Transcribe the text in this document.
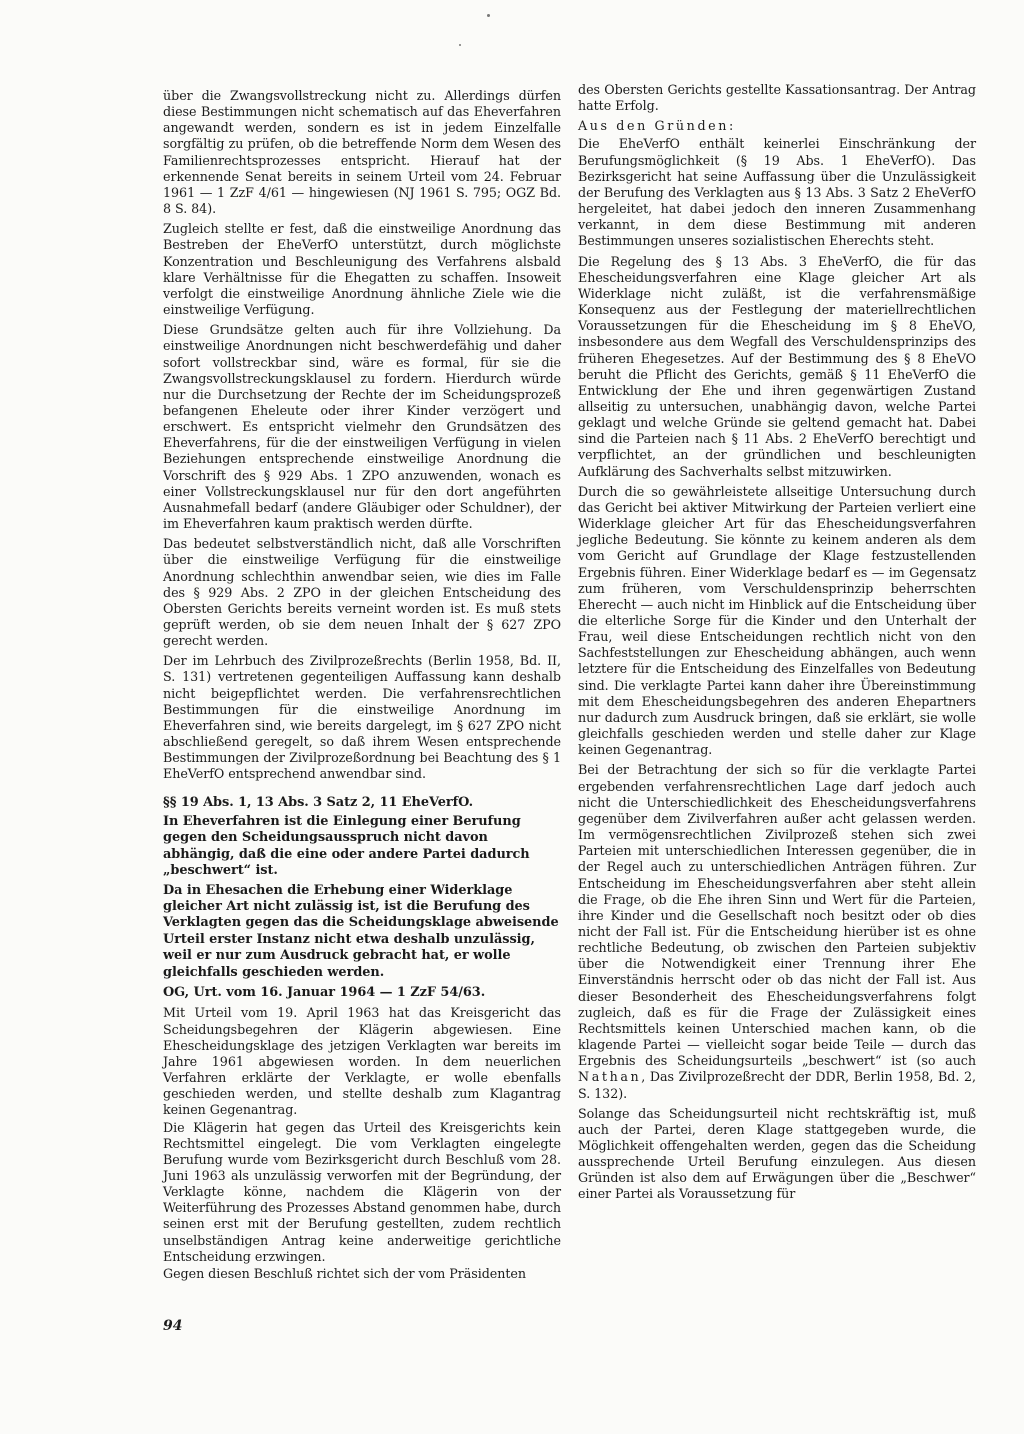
über die Zwangsvollstreckung nicht zu. Allerdings dürfen diese Bestimmungen nicht schematisch auf das Eheverfahren angewandt werden, sondern es ist in jedem Einzelfalle sorgfältig zu prüfen, ob die betreffende Norm dem Wesen des Familienrechtsprozesses entspricht. Hierauf hat der erkennende Senat bereits in seinem Urteil vom 24. Februar 1961 — 1 ZzF 4/61 — hingewiesen (NJ 1961 S. 795; OGZ Bd. 8 S. 84).

Zugleich stellte er fest, daß die einstweilige Anordnung das Bestreben der EheVerfO unterstützt, durch möglichste Konzentration und Beschleunigung des Verfahrens alsbald klare Verhältnisse für die Ehegatten zu schaffen. Insoweit verfolgt die einstweilige Anordnung ähnliche Ziele wie die einstweilige Verfügung.

Diese Grundsätze gelten auch für ihre Vollziehung. Da einstweilige Anordnungen nicht beschwerdefähig und daher sofort vollstreckbar sind, wäre es formal, für sie die Zwangsvollstreckungsklausel zu fordern. Hierdurch würde nur die Durchsetzung der Rechte der im Scheidungsprozeß befangenen Eheleute oder ihrer Kinder verzögert und erschwert. Es entspricht vielmehr den Grundsätzen des Eheverfahrens, für die der einstweiligen Verfügung in vielen Beziehungen entsprechende einstweilige Anordnung die Vorschrift des § 929 Abs. 1 ZPO anzuwenden, wonach es einer Vollstreckungsklausel nur für den dort angeführten Ausnahmefall bedarf (andere Gläubiger oder Schuldner), der im Eheverfahren kaum praktisch werden dürfte.

Das bedeutet selbstverständlich nicht, daß alle Vorschriften über die einstweilige Verfügung für die einstweilige Anordnung schlechthin anwendbar seien, wie dies im Falle des § 929 Abs. 2 ZPO in der gleichen Entscheidung des Obersten Gerichts bereits verneint worden ist. Es muß stets geprüft werden, ob sie dem neuen Inhalt der § 627 ZPO gerecht werden.

Der im Lehrbuch des Zivilprozeßrechts (Berlin 1958, Bd. II, S. 131) vertretenen gegenteiligen Auffassung kann deshalb nicht beigepflichtet werden. Die verfahrensrechtlichen Bestimmungen für die einstweilige Anordnung im Eheverfahren sind, wie bereits dargelegt, im § 627 ZPO nicht abschließend geregelt, so daß ihrem Wesen entsprechende Bestimmungen der Zivilprozeßordnung bei Beachtung des § 1 EheVerfO entsprechend anwendbar sind.

§§ 19 Abs. 1, 13 Abs. 3 Satz 2, 11 EheVerfO.

In Eheverfahren ist die Einlegung einer Berufung gegen den Scheidungsausspruch nicht davon abhängig, daß die eine oder andere Partei dadurch „beschwert“ ist.

Da in Ehesachen die Erhebung einer Widerklage gleicher Art nicht zulässig ist, ist die Berufung des Verklagten gegen das die Scheidungsklage abweisende Urteil erster Instanz nicht etwa deshalb unzulässig, weil er nur zum Ausdruck gebracht hat, er wolle gleichfalls geschieden werden.

OG, Urt. vom 16. Januar 1964 — 1 ZzF 54/63.

Mit Urteil vom 19. April 1963 hat das Kreisgericht das Scheidungsbegehren der Klägerin abgewiesen. Eine Ehescheidungsklage des jetzigen Verklagten war bereits im Jahre 1961 abgewiesen worden. In dem neuerlichen Verfahren erklärte der Verklagte, er wolle ebenfalls geschieden werden, und stellte deshalb zum Klagantrag keinen Gegenantrag.

Die Klägerin hat gegen das Urteil des Kreisgerichts kein Rechtsmittel eingelegt. Die vom Verklagten eingelegte Berufung wurde vom Bezirksgericht durch Beschluß vom 28. Juni 1963 als unzulässig verworfen mit der Begründung, der Verklagte könne, nachdem die Klägerin von der Weiterführung des Prozesses Abstand genommen habe, durch seinen erst mit der Berufung gestellten, zudem rechtlich unselbständigen Antrag keine anderweitige gerichtliche Entscheidung erzwingen.

Gegen diesen Beschluß richtet sich der vom Präsidenten

des Obersten Gerichts gestellte Kassationsantrag. Der Antrag hatte Erfolg.

Aus den Gründen:

Die EheVerfO enthält keinerlei Einschränkung der Berufungsmöglichkeit (§ 19 Abs. 1 EheVerfO). Das Bezirksgericht hat seine Auffassung über die Unzulässigkeit der Berufung des Verklagten aus § 13 Abs. 3 Satz 2 EheVerfO hergeleitet, hat dabei jedoch den inneren Zusammenhang verkannt, in dem diese Bestimmung mit anderen Bestimmungen unseres sozialistischen Eherechts steht.

Die Regelung des § 13 Abs. 3 EheVerfO, die für das Ehescheidungsverfahren eine Klage gleicher Art als Widerklage nicht zuläßt, ist die verfahrensmäßige Konsequenz aus der Festlegung der materiellrechtlichen Voraussetzungen für die Ehescheidung im § 8 EheVO, insbesondere aus dem Wegfall des Verschuldensprinzips des früheren Ehegesetzes. Auf der Bestimmung des § 8 EheVO beruht die Pflicht des Gerichts, gemäß § 11 EheVerfO die Entwicklung der Ehe und ihren gegenwärtigen Zustand allseitig zu untersuchen, unabhängig davon, welche Partei geklagt und welche Gründe sie geltend gemacht hat. Dabei sind die Parteien nach § 11 Abs. 2 EheVerfO berechtigt und verpflichtet, an der gründlichen und beschleunigten Aufklärung des Sachverhalts selbst mitzuwirken.

Durch die so gewährleistete allseitige Untersuchung durch das Gericht bei aktiver Mitwirkung der Parteien verliert eine Widerklage gleicher Art für das Ehescheidungsverfahren jegliche Bedeutung. Sie könnte zu keinem anderen als dem vom Gericht auf Grundlage der Klage festzustellenden Ergebnis führen. Einer Widerklage bedarf es — im Gegensatz zum früheren, vom Verschuldensprinzip beherrschten Eherecht — auch nicht im Hinblick auf die Entscheidung über die elterliche Sorge für die Kinder und den Unterhalt der Frau, weil diese Entscheidungen rechtlich nicht von den Sachfeststellungen zur Ehescheidung abhängen, auch wenn letztere für die Entscheidung des Einzelfalles von Bedeutung sind. Die verklagte Partei kann daher ihre Übereinstimmung mit dem Ehescheidungsbegehren des anderen Ehepartners nur dadurch zum Ausdruck bringen, daß sie erklärt, sie wolle gleichfalls geschieden werden und stelle daher zur Klage keinen Gegenantrag.

Bei der Betrachtung der sich so für die verklagte Partei ergebenden verfahrensrechtlichen Lage darf jedoch auch nicht die Unterschiedlichkeit des Ehescheidungsverfahrens gegenüber dem Zivilverfahren außer acht gelassen werden. Im vermögensrechtlichen Zivilprozeß stehen sich zwei Parteien mit unterschiedlichen Interessen gegenüber, die in der Regel auch zu unterschiedlichen Anträgen führen. Zur Entscheidung im Ehescheidungsverfahren aber steht allein die Frage, ob die Ehe ihren Sinn und Wert für die Parteien, ihre Kinder und die Gesellschaft noch besitzt oder ob dies nicht der Fall ist. Für die Entscheidung hierüber ist es ohne rechtliche Bedeutung, ob zwischen den Parteien subjektiv über die Notwendigkeit einer Trennung ihrer Ehe Einverständnis herrscht oder ob das nicht der Fall ist. Aus dieser Besonderheit des Ehescheidungsverfahrens folgt zugleich, daß es für die Frage der Zulässigkeit eines Rechtsmittels keinen Unterschied machen kann, ob die klagende Partei — vielleicht sogar beide Teile — durch das Ergebnis des Scheidungsurteils „beschwert“ ist (so auch Nathan, Das Zivilprozeßrecht der DDR, Berlin 1958, Bd. 2, S. 132).

Solange das Scheidungsurteil nicht rechtskräftig ist, muß auch der Partei, deren Klage stattgegeben wurde, die Möglichkeit offengehalten werden, gegen das die Scheidung aussprechende Urteil Berufung einzulegen. Aus diesen Gründen ist also dem auf Erwägungen über die „Beschwer“ einer Partei als Voraussetzung für

94
